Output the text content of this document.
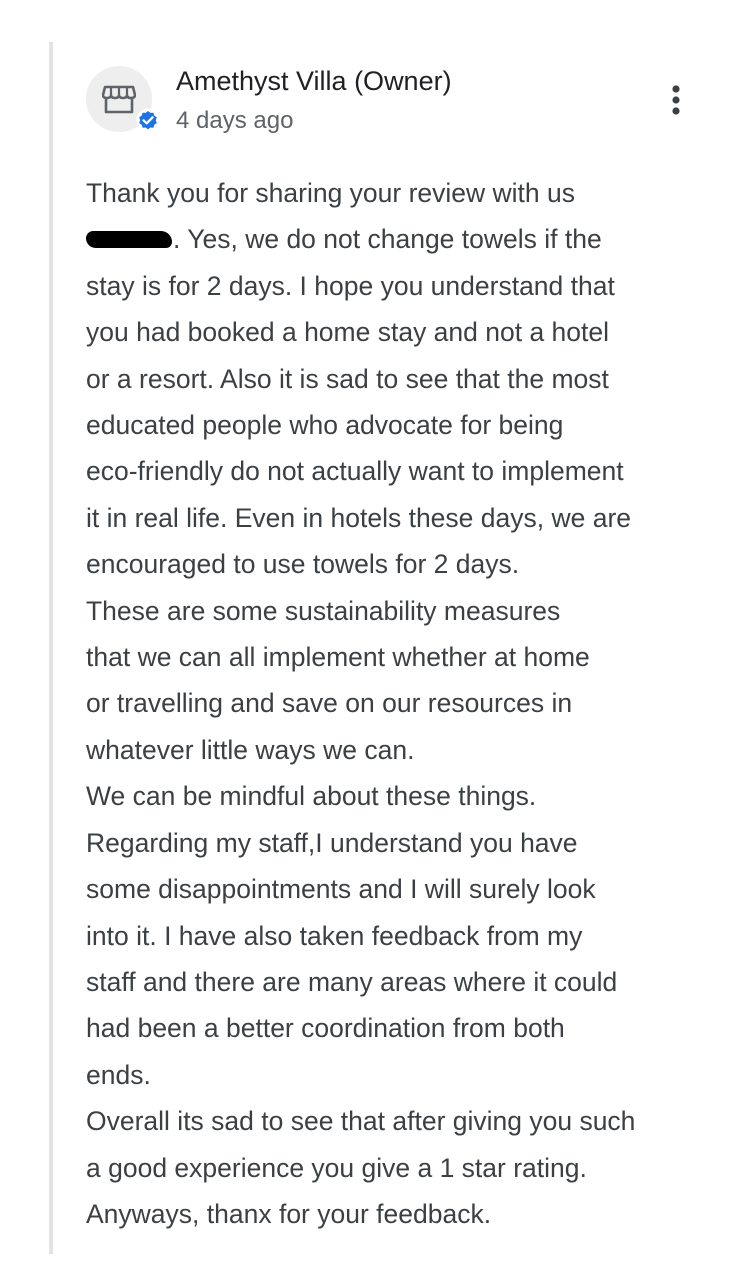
Amethyst Villa (Owner)
4 days ago
Thank you for sharing your review with us
. Yes, we do not change towels if the
stay is for 2 days. I hope you understand that
you had booked a home stay and not a hotel
or a resort. Also it is sad to see that the most
educated people who advocate for being
eco-friendly do not actually want to implement
it in real life. Even in hotels these days, we are
encouraged to use towels for 2 days.
These are some sustainability measures
that we can all implement whether at home
or travelling and save on our resources in
whatever little ways we can.
We can be mindful about these things.
Regarding my staff,I understand you have
some disappointments and I will surely look
into it. I have also taken feedback from my
staff and there are many areas where it could
had been a better coordination from both
ends.
Overall its sad to see that after giving you such
a good experience you give a 1 star rating.
Anyways, thanx for your feedback.
